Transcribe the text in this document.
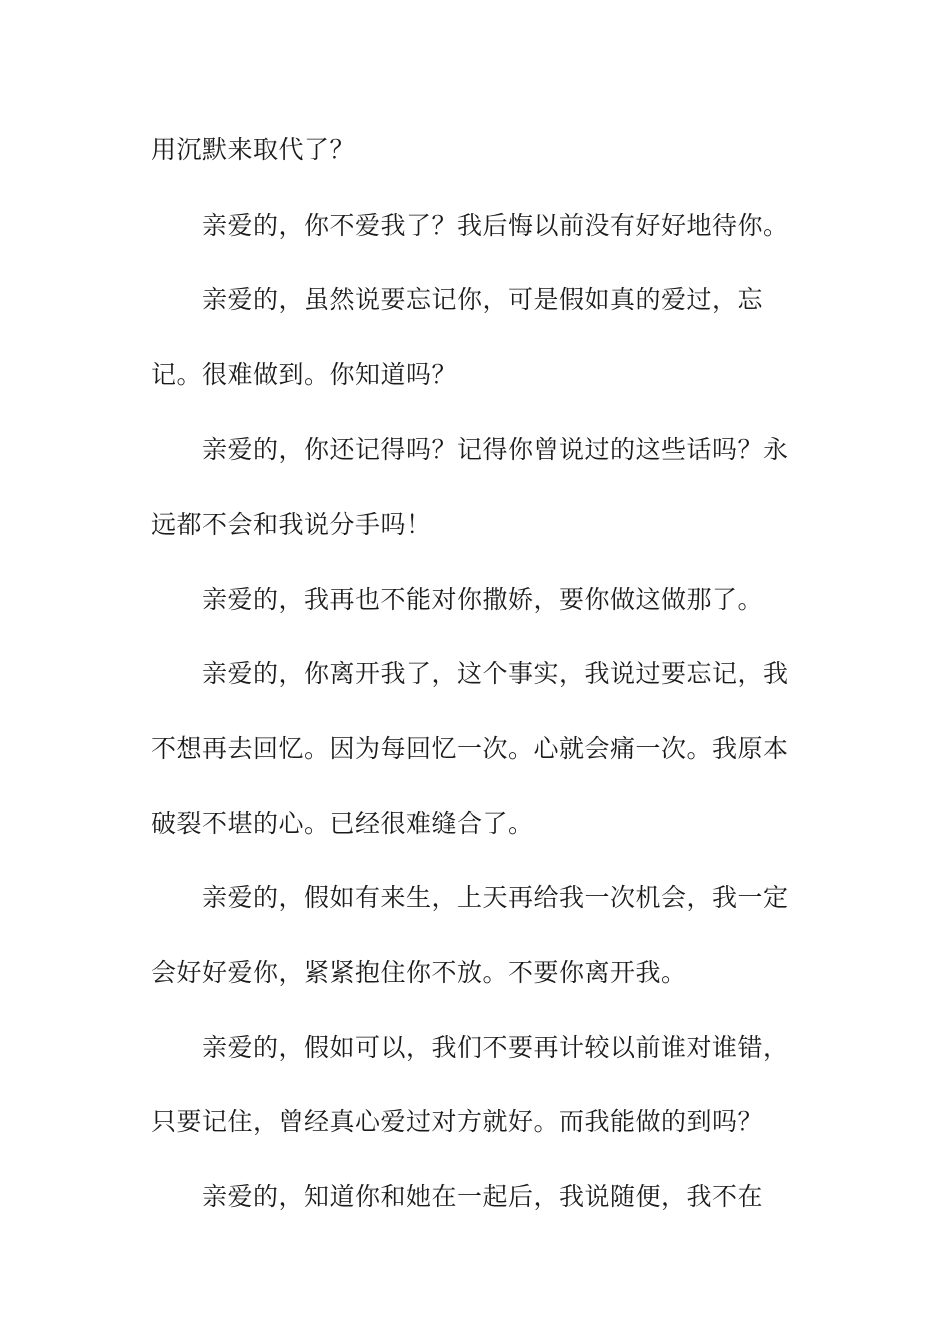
用沉默来取代了？

亲爱的，你不爱我了？我后悔以前没有好好地待你。

亲爱的，虽然说要忘记你，可是假如真的爱过，忘

记。很难做到。你知道吗？

亲爱的，你还记得吗？记得你曾说过的这些话吗？永

远都不会和我说分手吗！

亲爱的，我再也不能对你撒娇，要你做这做那了。

亲爱的，你离开我了，这个事实，我说过要忘记，我

不想再去回忆。因为每回忆一次。心就会痛一次。我原本

破裂不堪的心。已经很难缝合了。

亲爱的，假如有来生，上天再给我一次机会，我一定

会好好爱你，紧紧抱住你不放。不要你离开我。

亲爱的，假如可以，我们不要再计较以前谁对谁错，

只要记住，曾经真心爱过对方就好。而我能做的到吗？

亲爱的，知道你和她在一起后，我说随便，我不在
